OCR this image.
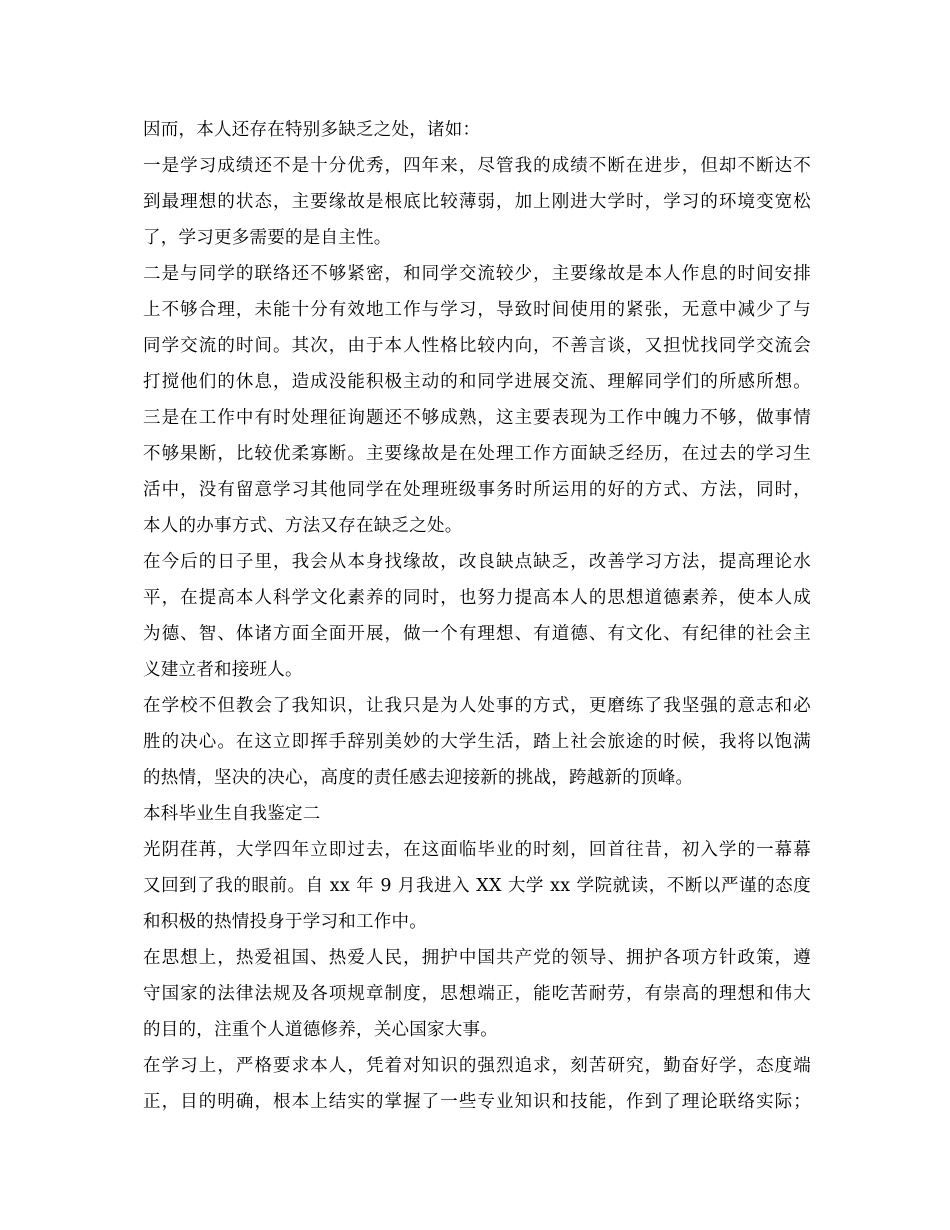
因而，本人还存在特别多缺乏之处，诸如：

一是学习成绩还不是十分优秀，四年来，尽管我的成绩不断在进步，但却不断达不

到最理想的状态，主要缘故是根底比较薄弱，加上刚进大学时，学习的环境变宽松

了，学习更多需要的是自主性。

二是与同学的联络还不够紧密，和同学交流较少，主要缘故是本人作息的时间安排

上不够合理，未能十分有效地工作与学习，导致时间使用的紧张，无意中减少了与

同学交流的时间。其次，由于本人性格比较内向，不善言谈，又担忧找同学交流会

打搅他们的休息，造成没能积极主动的和同学进展交流、理解同学们的所感所想。

三是在工作中有时处理征询题还不够成熟，这主要表现为工作中魄力不够，做事情

不够果断，比较优柔寡断。主要缘故是在处理工作方面缺乏经历，在过去的学习生

活中，没有留意学习其他同学在处理班级事务时所运用的好的方式、方法，同时，

本人的办事方式、方法又存在缺乏之处。

在今后的日子里，我会从本身找缘故，改良缺点缺乏，改善学习方法，提高理论水

平，在提高本人科学文化素养的同时，也努力提高本人的思想道德素养，使本人成

为德、智、体诸方面全面开展，做一个有理想、有道德、有文化、有纪律的社会主

义建立者和接班人。

在学校不但教会了我知识，让我只是为人处事的方式，更磨练了我坚强的意志和必

胜的决心。在这立即挥手辞别美妙的大学生活，踏上社会旅途的时候，我将以饱满

的热情，坚决的决心，高度的责任感去迎接新的挑战，跨越新的顶峰。

本科毕业生自我鉴定二

光阴荏苒，大学四年立即过去，在这面临毕业的时刻，回首往昔，初入学的一幕幕

又回到了我的眼前。自 xx 年 9 月我进入 XX 大学 xx 学院就读，不断以严谨的态度

和积极的热情投身于学习和工作中。

在思想上，热爱祖国、热爱人民，拥护中国共产党的领导、拥护各项方针政策，遵

守国家的法律法规及各项规章制度，思想端正，能吃苦耐劳，有崇高的理想和伟大

的目的，注重个人道德修养，关心国家大事。

在学习上，严格要求本人，凭着对知识的强烈追求，刻苦研究，勤奋好学，态度端

正，目的明确，根本上结实的掌握了一些专业知识和技能，作到了理论联络实际；
